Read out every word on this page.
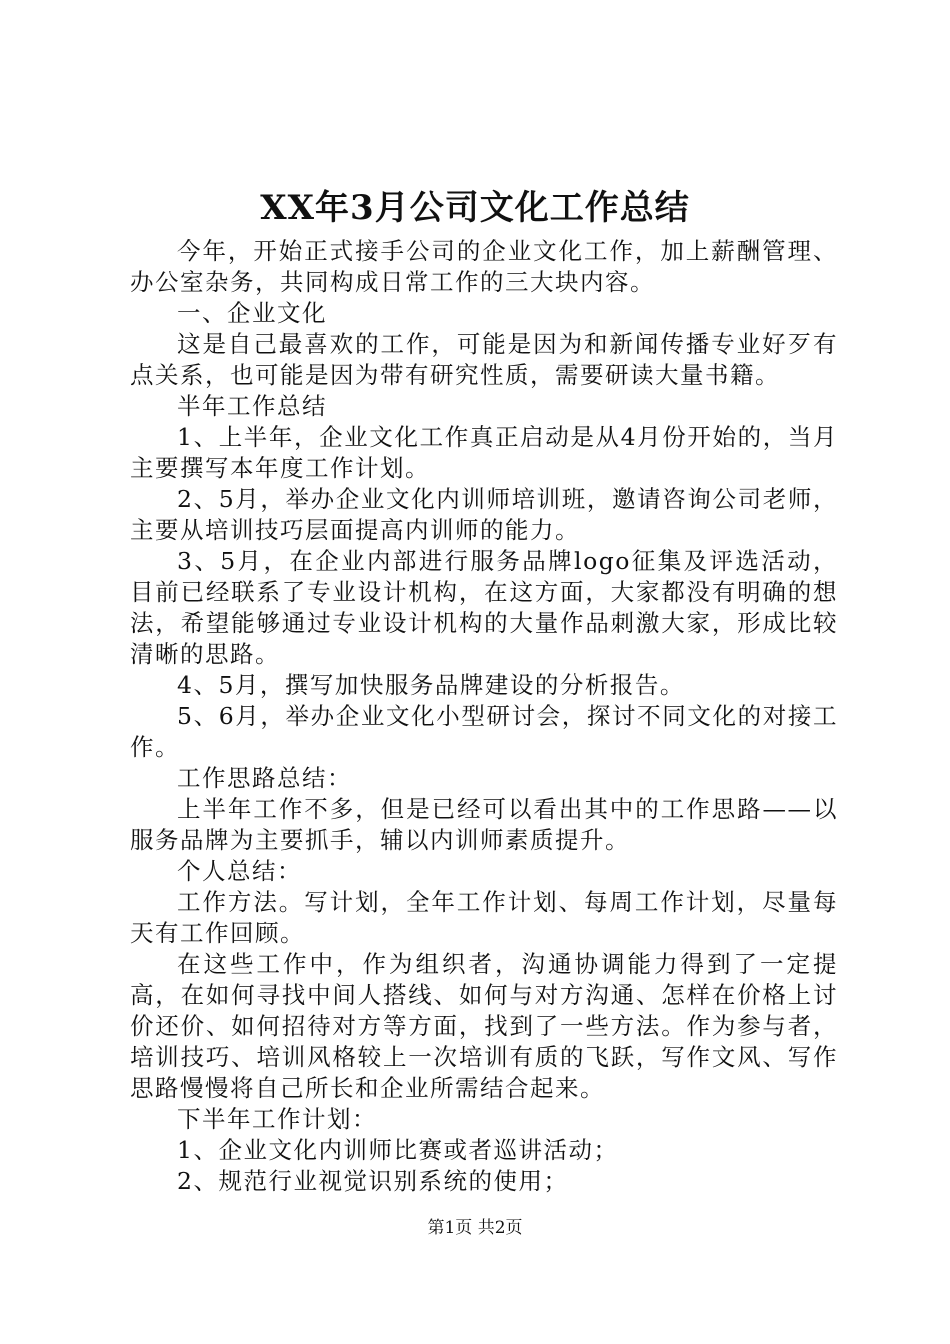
XX年3月公司文化工作总结

今年，开始正式接手公司的企业文化工作，加上薪酬管理、办公室杂务，共同构成日常工作的三大块内容。

一、企业文化

这是自己最喜欢的工作，可能是因为和新闻传播专业好歹有点关系，也可能是因为带有研究性质，需要研读大量书籍。

半年工作总结

1、上半年，企业文化工作真正启动是从4月份开始的，当月主要撰写本年度工作计划。

2、5月，举办企业文化内训师培训班，邀请咨询公司老师，主要从培训技巧层面提高内训师的能力。

3、5月，在企业内部进行服务品牌logo征集及评选活动，目前已经联系了专业设计机构，在这方面，大家都没有明确的想法，希望能够通过专业设计机构的大量作品刺激大家，形成比较清晰的思路。

4、5月，撰写加快服务品牌建设的分析报告。

5、6月，举办企业文化小型研讨会，探讨不同文化的对接工作。

工作思路总结：

上半年工作不多，但是已经可以看出其中的工作思路——以服务品牌为主要抓手，辅以内训师素质提升。

个人总结：

工作方法。写计划，全年工作计划、每周工作计划，尽量每天有工作回顾。

在这些工作中，作为组织者，沟通协调能力得到了一定提高，在如何寻找中间人搭线、如何与对方沟通、怎样在价格上讨价还价、如何招待对方等方面，找到了一些方法。作为参与者，培训技巧、培训风格较上一次培训有质的飞跃，写作文风、写作思路慢慢将自己所长和企业所需结合起来。

下半年工作计划：

1、企业文化内训师比赛或者巡讲活动；

2、规范行业视觉识别系统的使用；

第1页 共2页
